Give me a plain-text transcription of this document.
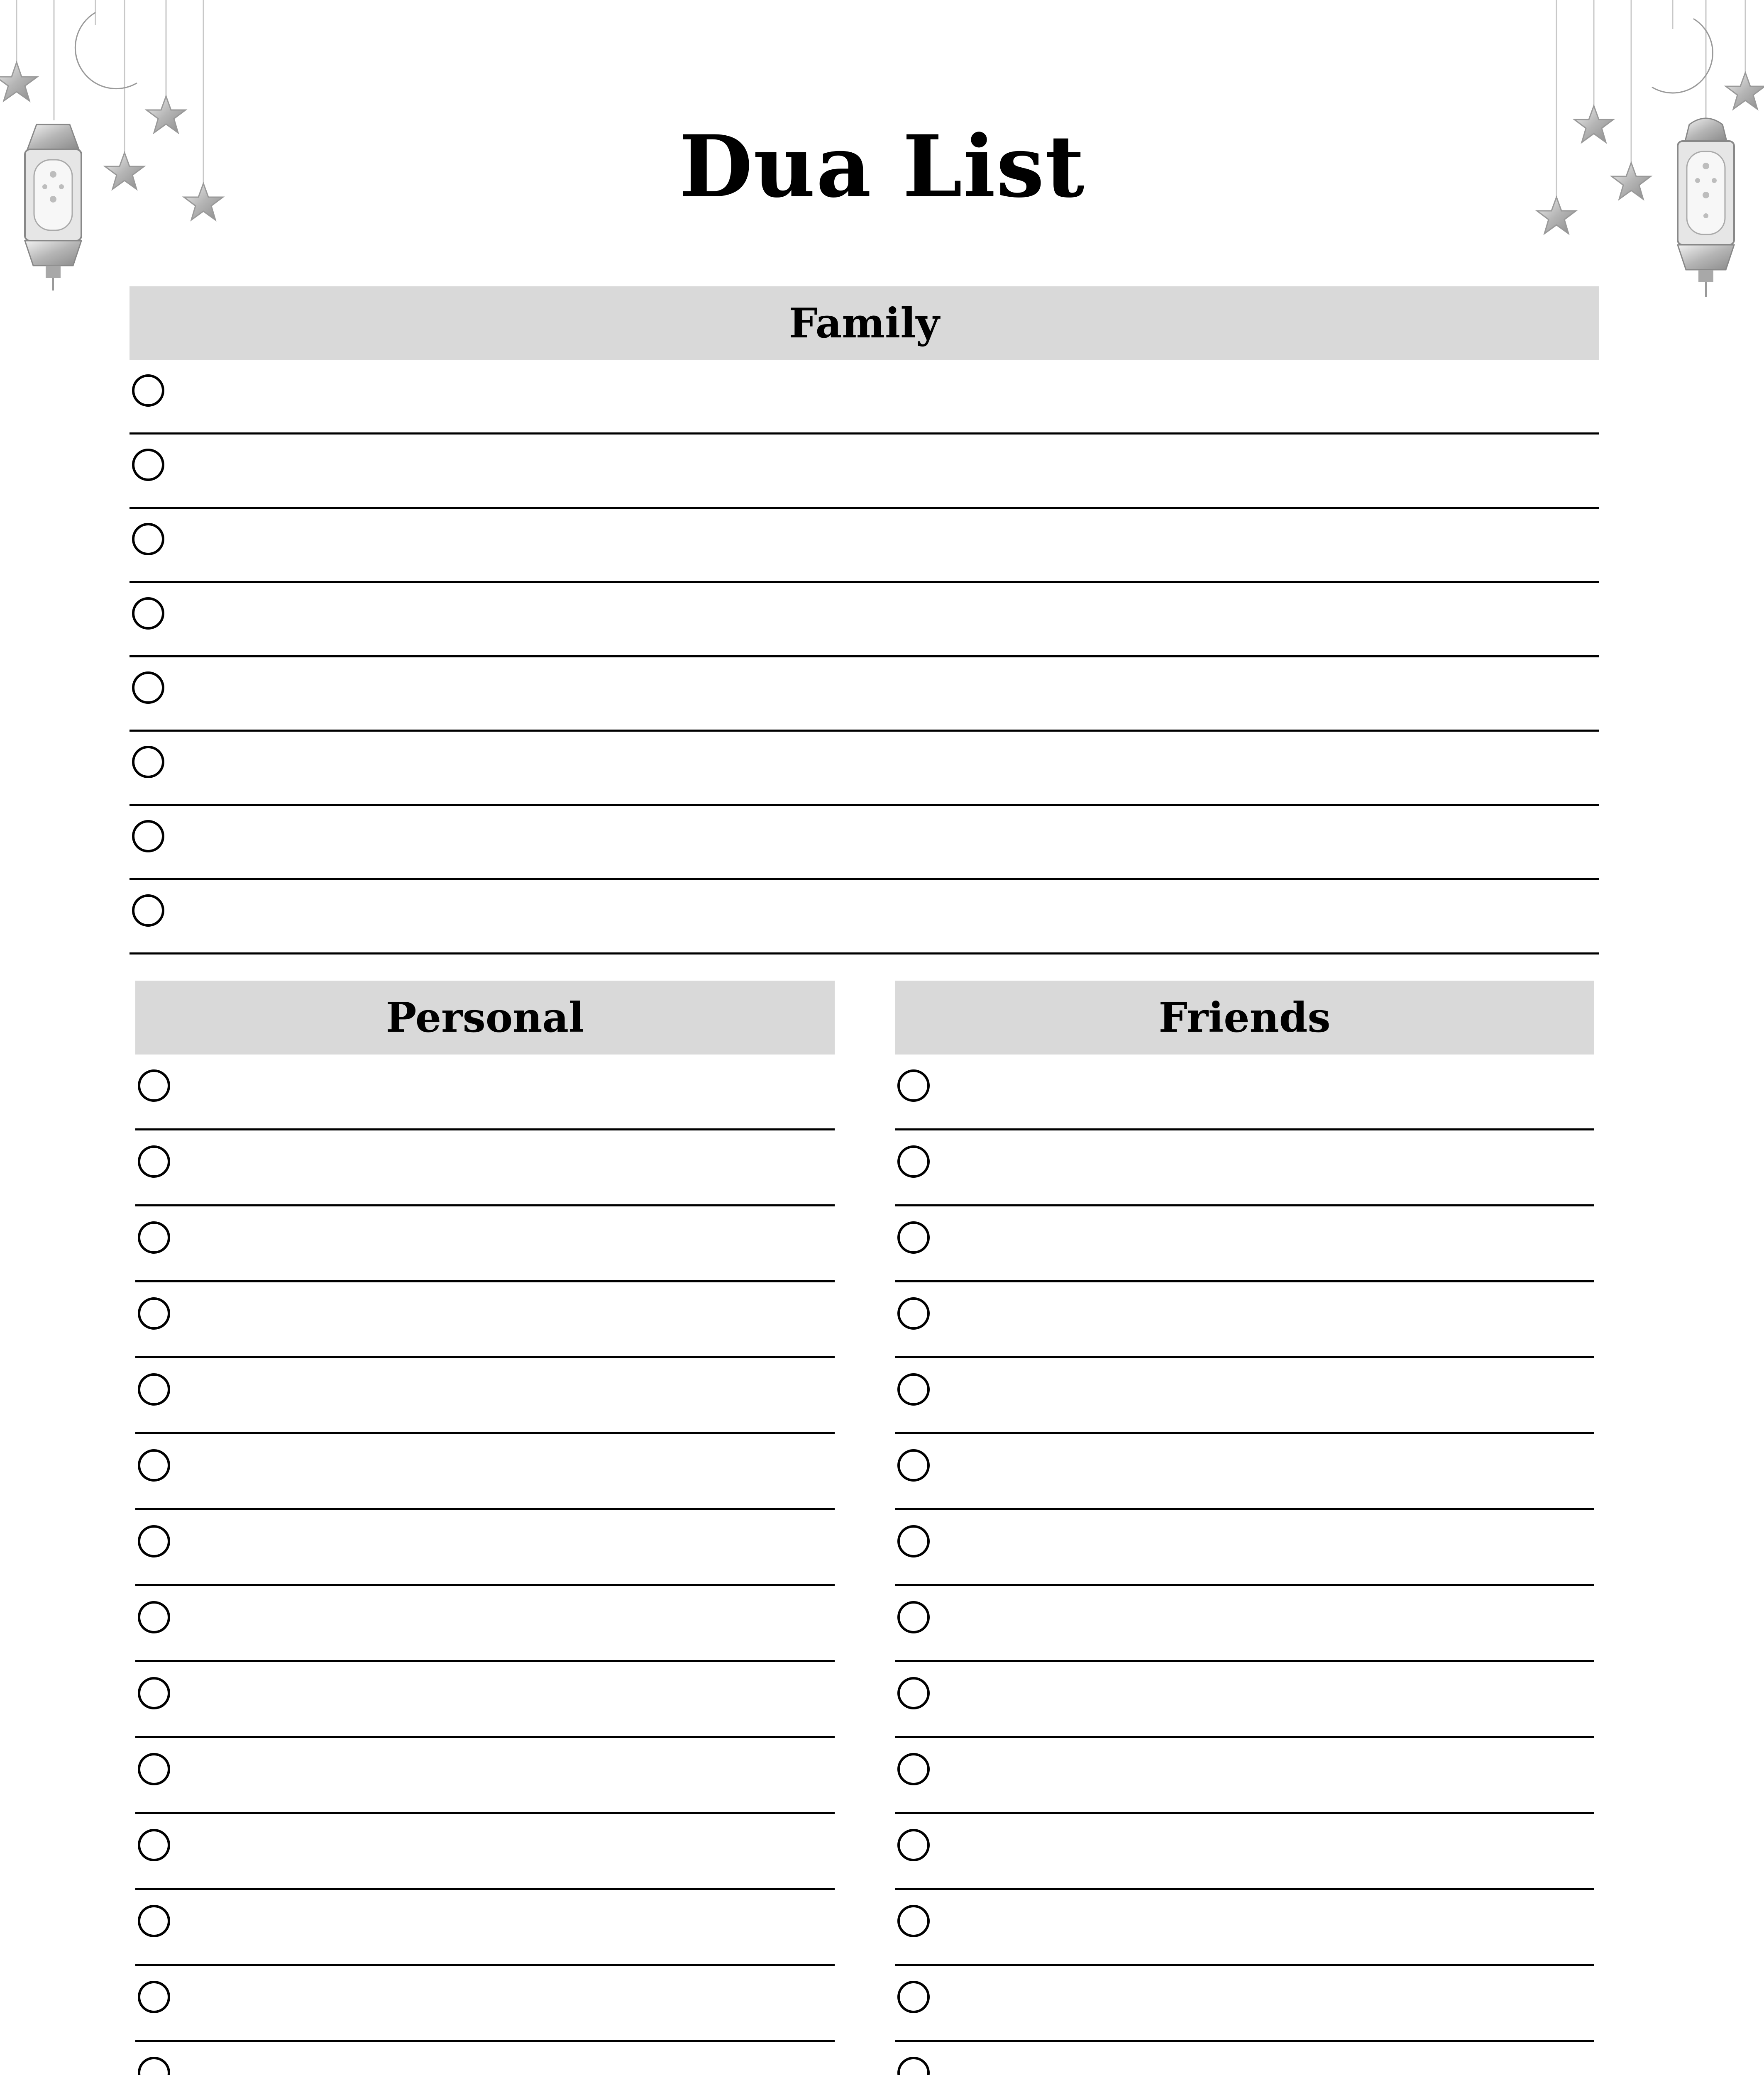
Dua List
Family
Personal	Friends
